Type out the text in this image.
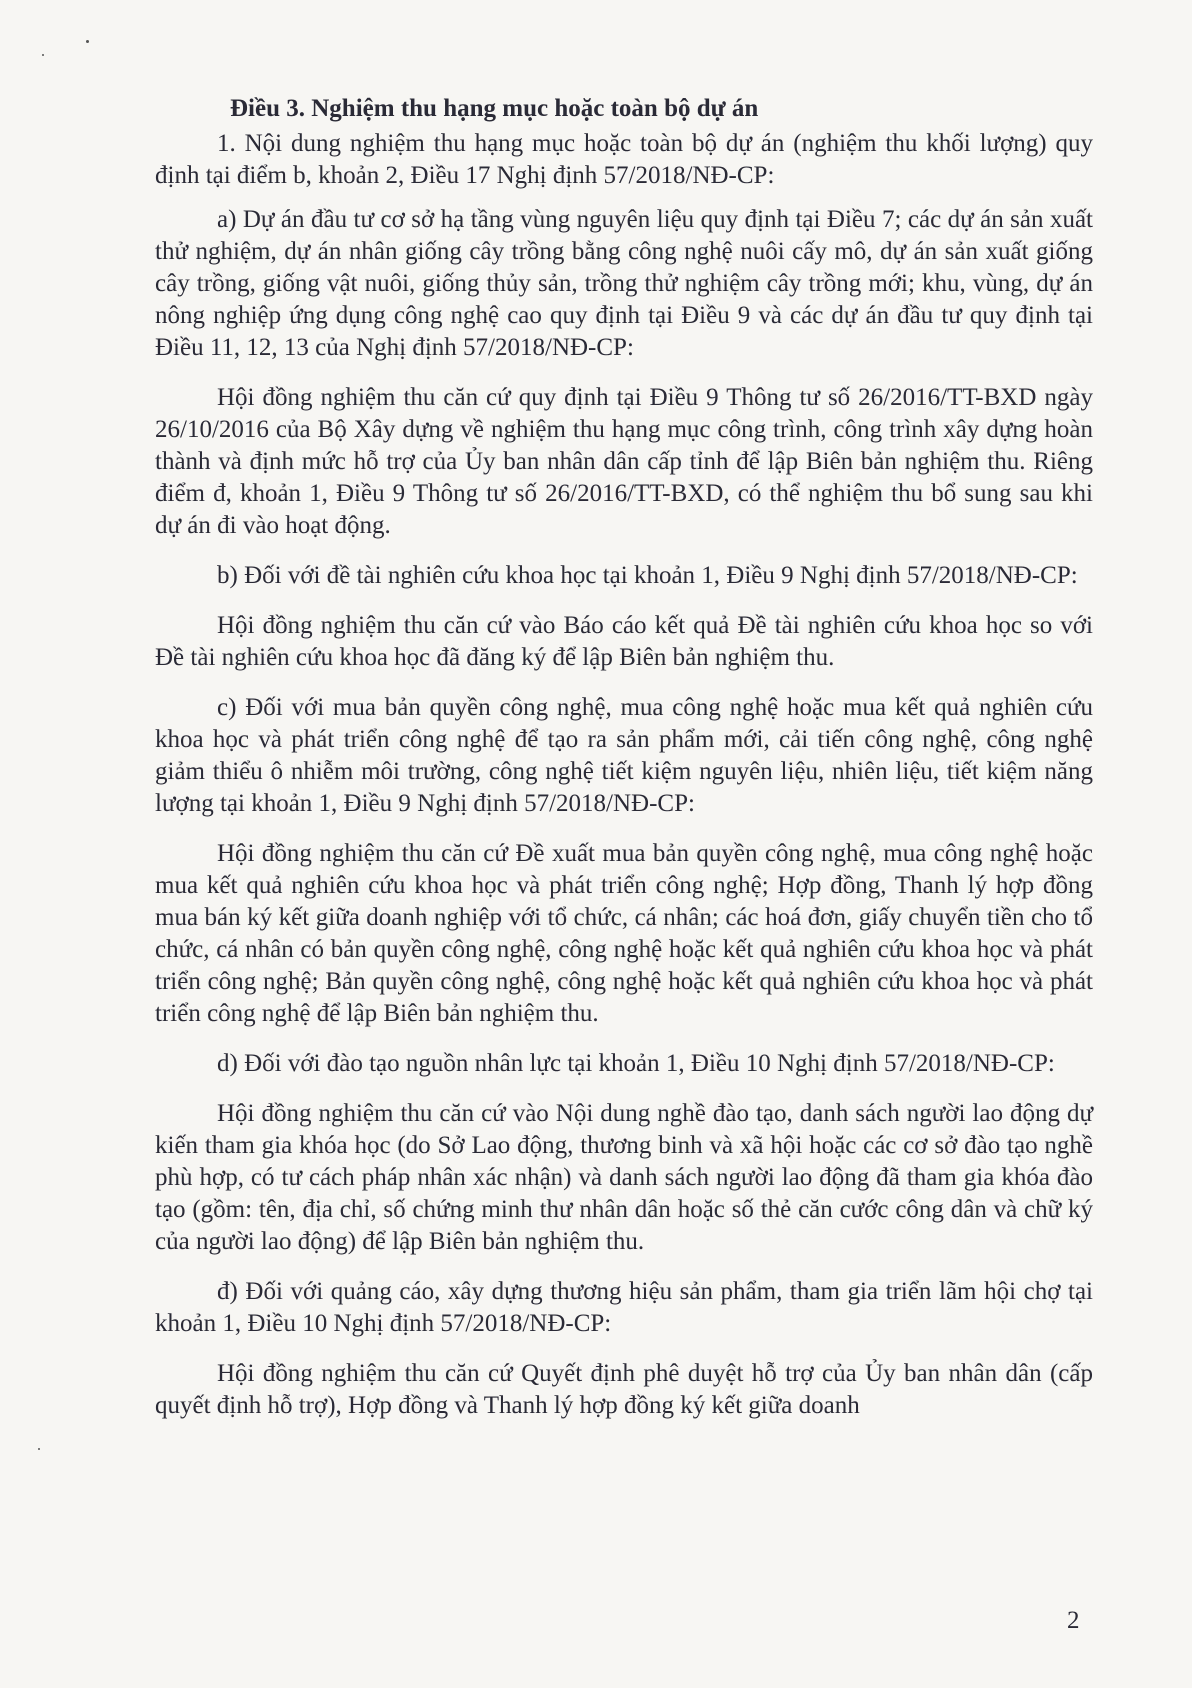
Điều 3. Nghiệm thu hạng mục hoặc toàn bộ dự án

1. Nội dung nghiệm thu hạng mục hoặc toàn bộ dự án (nghiệm thu khối lượng) quy định tại điểm b, khoản 2, Điều 17 Nghị định 57/2018/NĐ-CP:

a) Dự án đầu tư cơ sở hạ tầng vùng nguyên liệu quy định tại Điều 7; các dự án sản xuất thử nghiệm, dự án nhân giống cây trồng bằng công nghệ nuôi cấy mô, dự án sản xuất giống cây trồng, giống vật nuôi, giống thủy sản, trồng thử nghiệm cây trồng mới; khu, vùng, dự án nông nghiệp ứng dụng công nghệ cao quy định tại Điều 9 và các dự án đầu tư quy định tại Điều 11, 12, 13 của Nghị định 57/2018/NĐ-CP:

Hội đồng nghiệm thu căn cứ quy định tại Điều 9 Thông tư số 26/2016/TT-BXD ngày 26/10/2016 của Bộ Xây dựng về nghiệm thu hạng mục công trình, công trình xây dựng hoàn thành và định mức hỗ trợ của Ủy ban nhân dân cấp tỉnh để lập Biên bản nghiệm thu. Riêng điểm đ, khoản 1, Điều 9 Thông tư số 26/2016/TT-BXD, có thể nghiệm thu bổ sung sau khi dự án đi vào hoạt động.

b) Đối với đề tài nghiên cứu khoa học tại khoản 1, Điều 9 Nghị định 57/2018/NĐ-CP:

Hội đồng nghiệm thu căn cứ vào Báo cáo kết quả Đề tài nghiên cứu khoa học so với Đề tài nghiên cứu khoa học đã đăng ký để lập Biên bản nghiệm thu.

c) Đối với mua bản quyền công nghệ, mua công nghệ hoặc mua kết quả nghiên cứu khoa học và phát triển công nghệ để tạo ra sản phẩm mới, cải tiến công nghệ, công nghệ giảm thiểu ô nhiễm môi trường, công nghệ tiết kiệm nguyên liệu, nhiên liệu, tiết kiệm năng lượng tại khoản 1, Điều 9 Nghị định 57/2018/NĐ-CP:

Hội đồng nghiệm thu căn cứ Đề xuất mua bản quyền công nghệ, mua công nghệ hoặc mua kết quả nghiên cứu khoa học và phát triển công nghệ; Hợp đồng, Thanh lý hợp đồng mua bán ký kết giữa doanh nghiệp với tổ chức, cá nhân; các hoá đơn, giấy chuyển tiền cho tổ chức, cá nhân có bản quyền công nghệ, công nghệ hoặc kết quả nghiên cứu khoa học và phát triển công nghệ; Bản quyền công nghệ, công nghệ hoặc kết quả nghiên cứu khoa học và phát triển công nghệ để lập Biên bản nghiệm thu.

d) Đối với đào tạo nguồn nhân lực tại khoản 1, Điều 10 Nghị định 57/2018/NĐ-CP:

Hội đồng nghiệm thu căn cứ vào Nội dung nghề đào tạo, danh sách người lao động dự kiến tham gia khóa học (do Sở Lao động, thương binh và xã hội hoặc các cơ sở đào tạo nghề phù hợp, có tư cách pháp nhân xác nhận) và danh sách người lao động đã tham gia khóa đào tạo (gồm: tên, địa chỉ, số chứng minh thư nhân dân hoặc số thẻ căn cước công dân và chữ ký của người lao động) để lập Biên bản nghiệm thu.

đ) Đối với quảng cáo, xây dựng thương hiệu sản phẩm, tham gia triển lãm hội chợ tại khoản 1, Điều 10 Nghị định 57/2018/NĐ-CP:

Hội đồng nghiệm thu căn cứ Quyết định phê duyệt hỗ trợ của Ủy ban nhân dân (cấp quyết định hỗ trợ), Hợp đồng và Thanh lý hợp đồng ký kết giữa doanh

2
